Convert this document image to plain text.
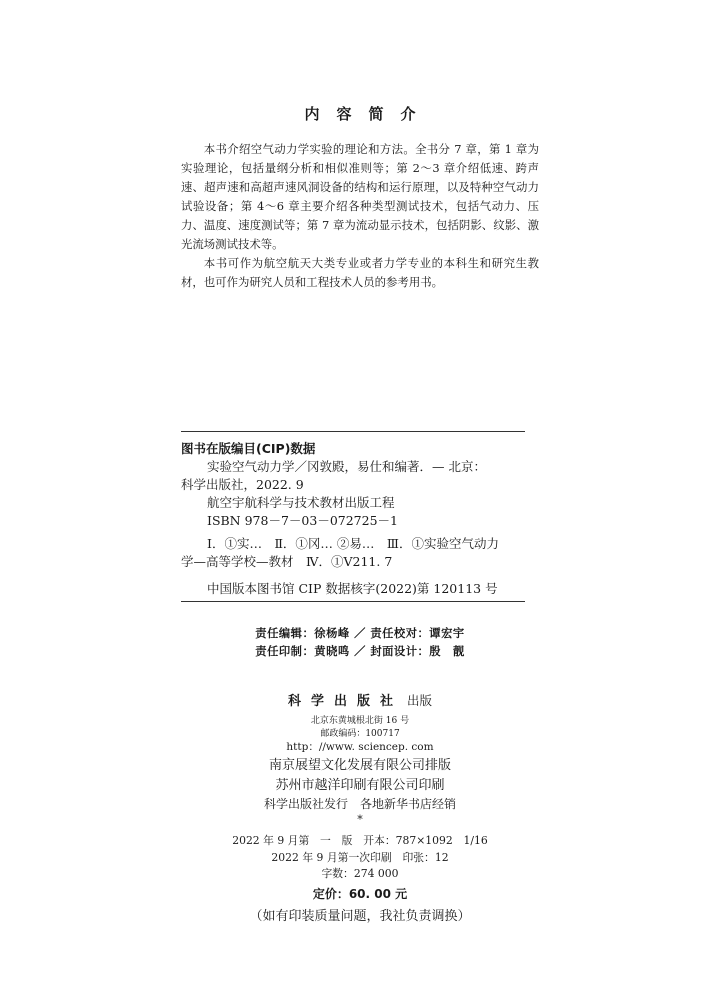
内容简介

本书介绍空气动力学实验的理论和方法。全书分 7 章，第 1 章为实验理论，包括量纲分析和相似准则等；第 2～3 章介绍低速、跨声速、超声速和高超声速风洞设备的结构和运行原理，以及特种空气动力试验设备；第 4～6 章主要介绍各种类型测试技术，包括气动力、压力、温度、速度测试等；第 7 章为流动显示技术，包括阴影、纹影、激光流场测试技术等。

本书可作为航空航天大类专业或者力学专业的本科生和研究生教材，也可作为研究人员和工程技术人员的参考用书。

图书在版编目(CIP)数据
实验空气动力学／冈敦殿，易仕和编著．— 北京：
科学出版社，2022. 9
航空宇航科学与技术教材出版工程
ISBN 978－7－03－072725－1
Ⅰ．①实…　Ⅱ．①冈… ②易…　Ⅲ．①实验空气动力
学—高等学校—教材　Ⅳ．①V211. 7
中国版本图书馆 CIP 数据核字(2022)第 120113 号
责任编辑：徐杨峰 ／ 责任校对：谭宏宇
责任印制：黄晓鸣 ／ 封面设计：殷　靓
科学出版社 出版
北京东黄城根北街 16 号
邮政编码：100717
http：//www. sciencep. com
南京展望文化发展有限公司排版
苏州市越洋印刷有限公司印刷
科学出版社发行　各地新华书店经销
*
2022 年 9 月第　一　版　开本：787×1092　1/16
2022 年 9 月第一次印刷　印张：12
字数：274 000
定价：60. 00 元
（如有印装质量问题，我社负责调换）
